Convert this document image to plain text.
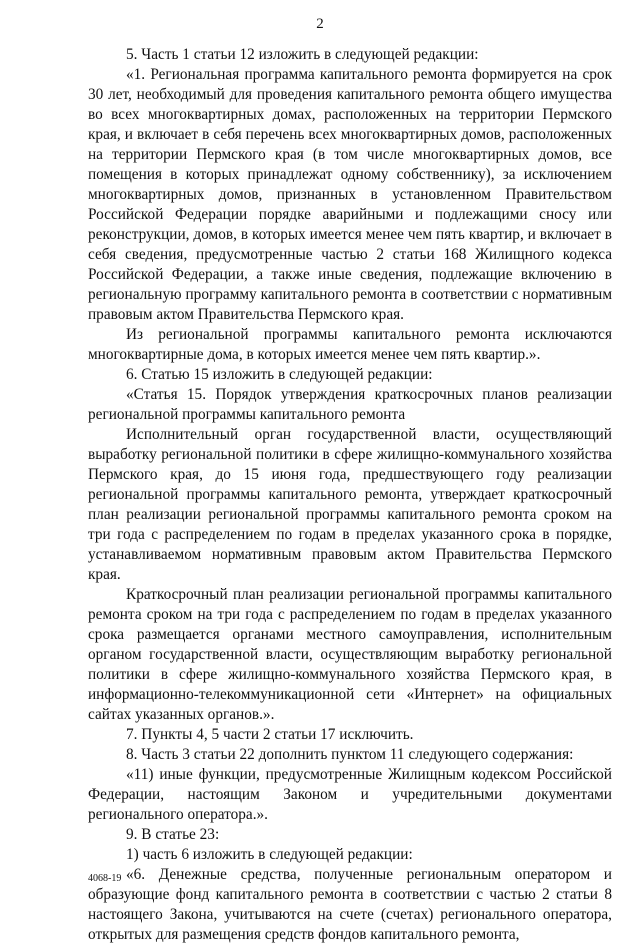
2

5. Часть 1 статьи 12 изложить в следующей редакции:

«1. Региональная программа капитального ремонта формируется на срок 30 лет, необходимый для проведения капитального ремонта общего имущества во всех многоквартирных домах, расположенных на территории Пермского края, и включает в себя перечень всех многоквартирных домов, расположенных на территории Пермского края (в том числе многоквартирных домов, все помещения в которых принадлежат одному собственнику), за исключением многоквартирных домов, признанных в установленном Правительством Российской Федерации порядке аварийными и подлежащими сносу или реконструкции, домов, в которых имеется менее чем пять квартир, и включает в себя сведения, предусмотренные частью 2 статьи 168 Жилищного кодекса Российской Федерации, а также иные сведения, подлежащие включению в региональную программу капитального ремонта в соответствии с нормативным правовым актом Правительства Пермского края.

Из региональной программы капитального ремонта исключаются многоквартирные дома, в которых имеется менее чем пять квартир.».

6. Статью 15 изложить в следующей редакции:

«Статья 15. Порядок утверждения краткосрочных планов реализации региональной программы капитального ремонта

Исполнительный орган государственной власти, осуществляющий выработку региональной политики в сфере жилищно-коммунального хозяйства Пермского края, до 15 июня года, предшествующего году реализации региональной программы капитального ремонта, утверждает краткосрочный план реализации региональной программы капитального ремонта сроком на три года с распределением по годам в пределах указанного срока в порядке, устанавливаемом нормативным правовым актом Правительства Пермского края.

Краткосрочный план реализации региональной программы капитального ремонта сроком на три года с распределением по годам в пределах указанного срока размещается органами местного самоуправления, исполнительным органом государственной власти, осуществляющим выработку региональной политики в сфере жилищно-коммунального хозяйства Пермского края, в информационно-телекоммуникационной сети «Интернет» на официальных сайтах указанных органов.».

7. Пункты 4, 5 части 2 статьи 17 исключить.

8. Часть 3 статьи 22 дополнить пунктом 11 следующего содержания:

«11) иные функции, предусмотренные Жилищным кодексом Российской Федерации, настоящим Законом и учредительными документами регионального оператора.».

9. В статье 23:

1) часть 6 изложить в следующей редакции:

«6. Денежные средства, полученные региональным оператором и образующие фонд капитального ремонта в соответствии с частью 2 статьи 8 настоящего Закона, учитываются на счете (счетах) регионального оператора, открытых для размещения средств фондов капитального ремонта,

4068-19
